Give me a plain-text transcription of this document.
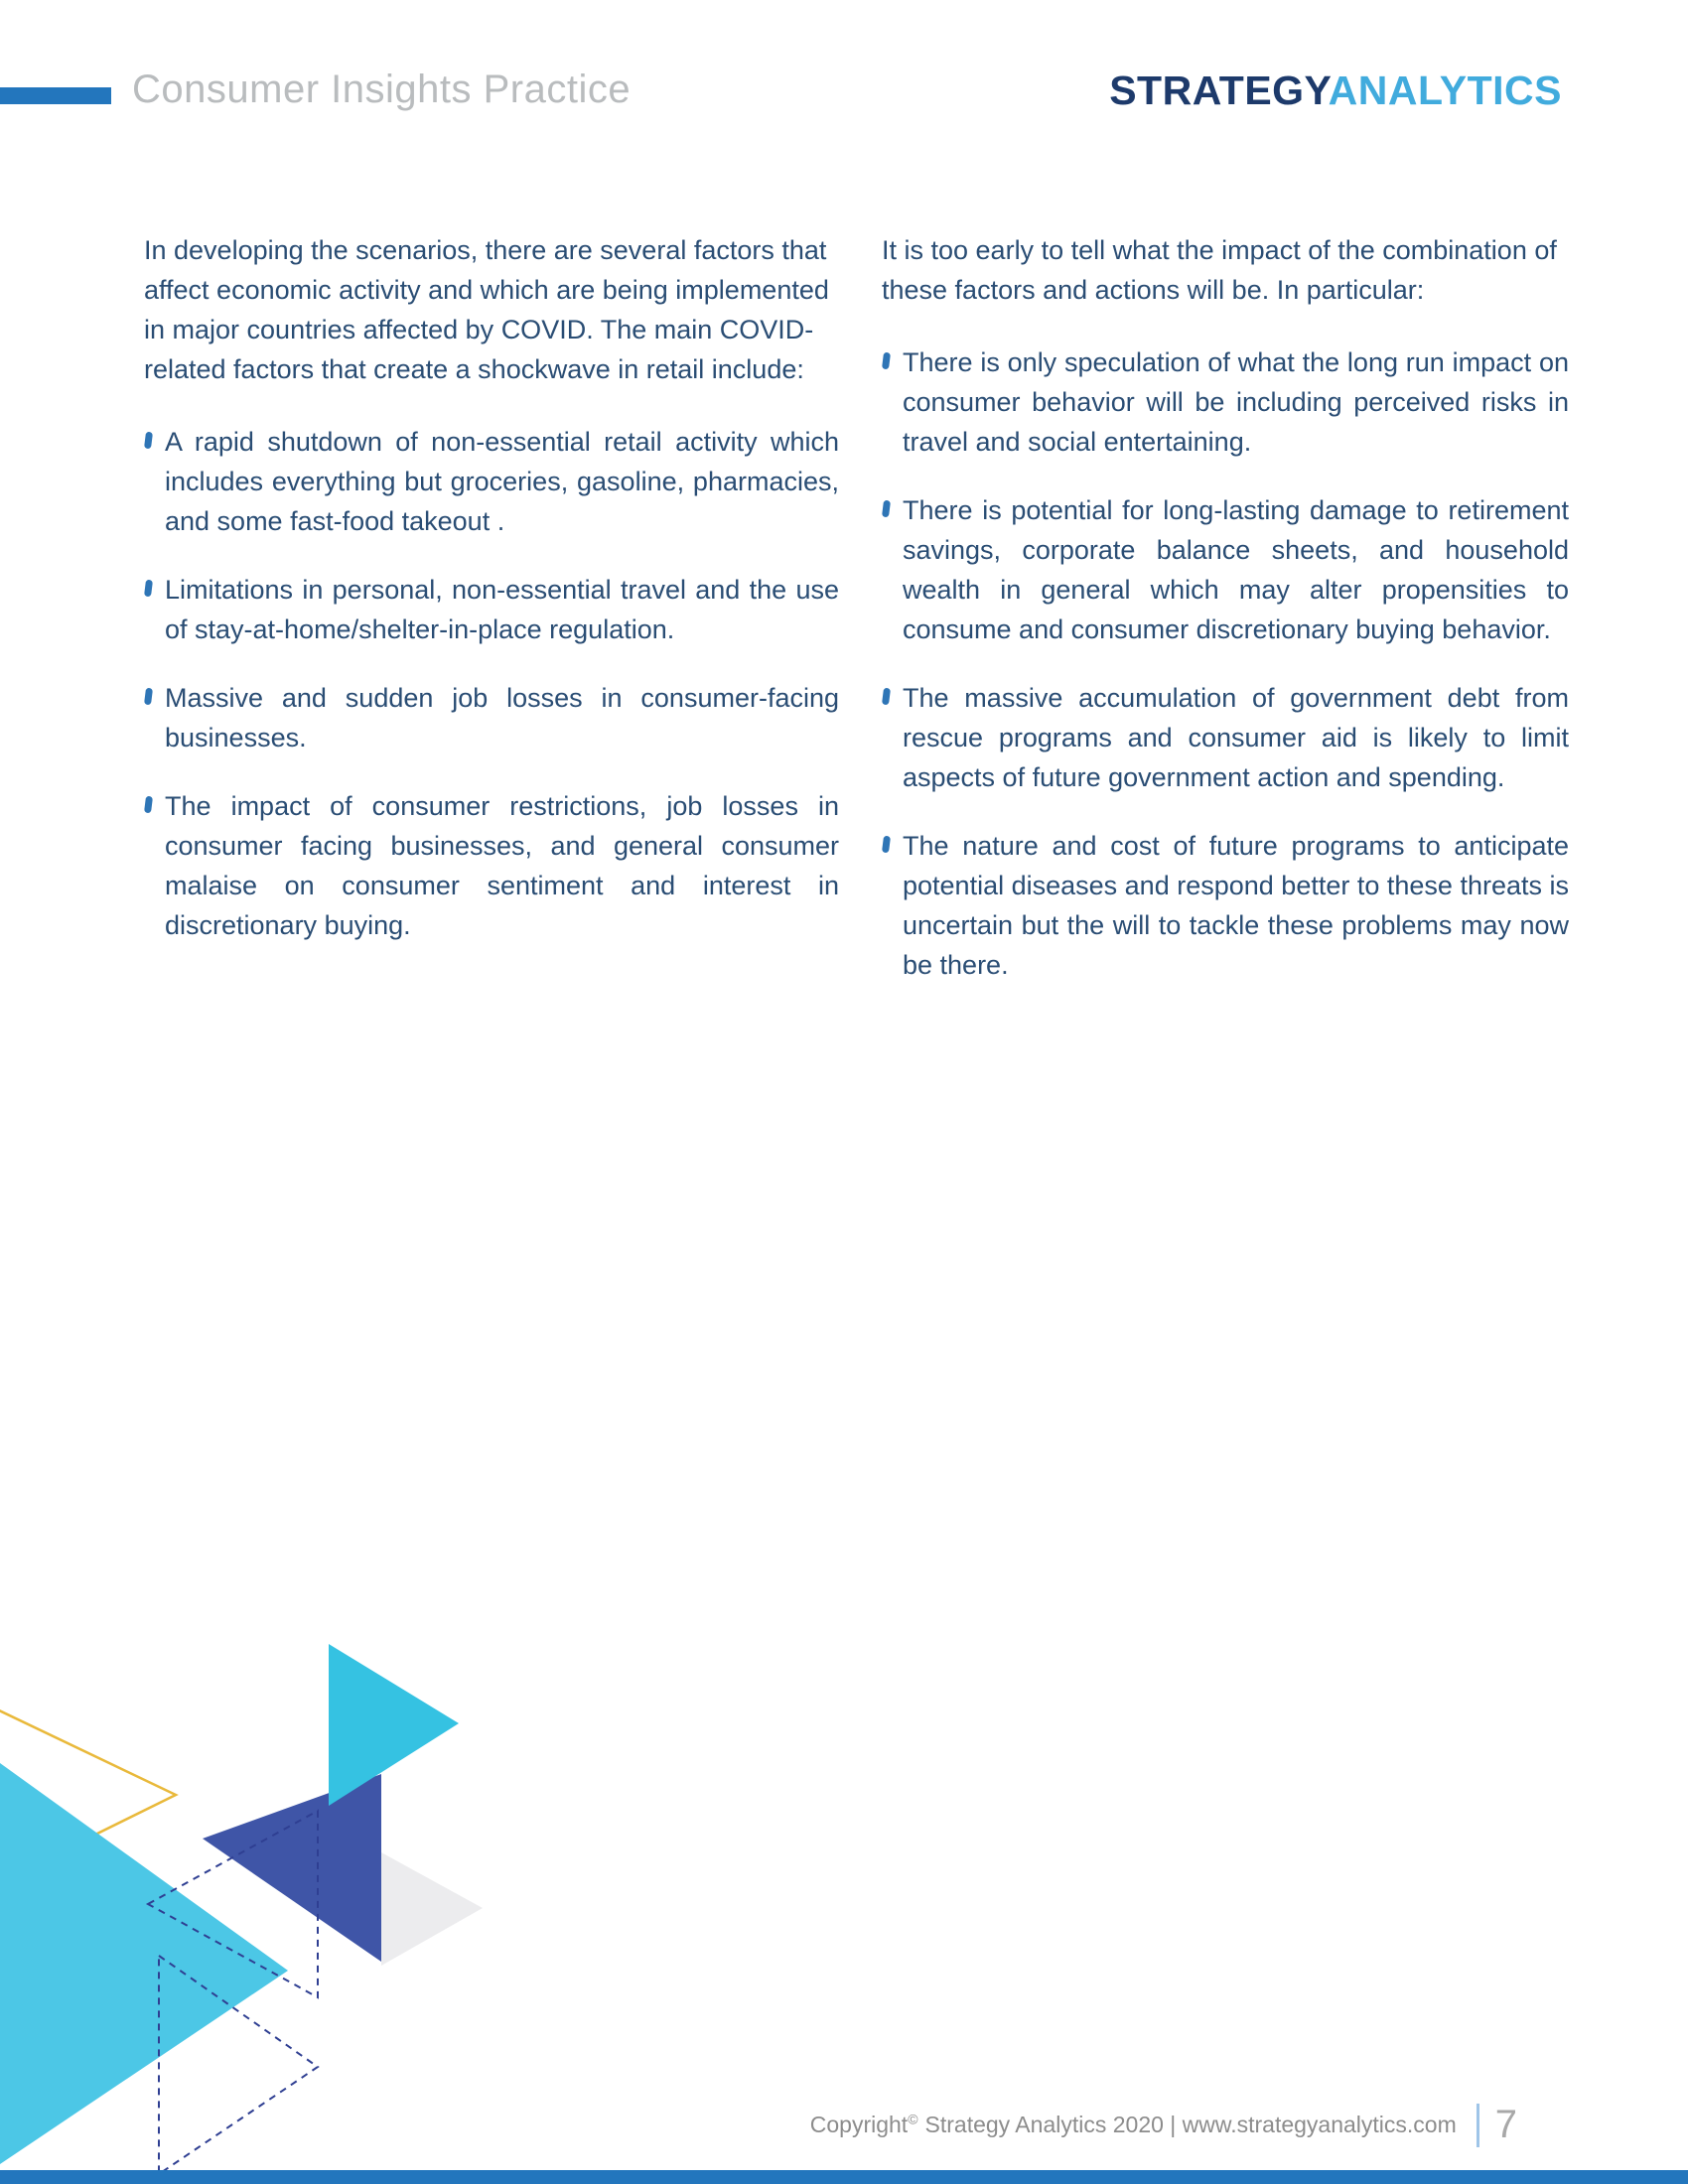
Consumer Insights Practice	STRATEGYANALYTICS

In developing the scenarios, there are several factors that affect economic activity and which are being implemented in major countries affected by COVID. The main COVID-related factors that create a shockwave in retail include:

A rapid shutdown of non-essential retail activity which includes everything but groceries, gasoline, pharmacies, and some fast-food takeout .

Limitations in personal, non-essential travel and the use of stay-at-home/shelter-in-place regulation.

Massive and sudden job losses in consumer-facing businesses.

The impact of consumer restrictions, job losses in consumer facing businesses, and general consumer malaise on consumer sentiment and interest in discretionary buying.

It is too early to tell what the impact of the combination of these factors and actions will be. In particular:

There is only speculation of what the long run impact on consumer behavior will be including perceived risks in travel and social entertaining.

There is potential for long-lasting damage to retirement savings, corporate balance sheets, and household wealth in general which may alter propensities to consume and consumer discretionary buying behavior.

The massive accumulation of government debt from rescue programs and consumer aid is likely to limit aspects of future government action and spending.

The nature and cost of future programs to anticipate potential diseases and respond better to these threats is uncertain but the will to tackle these problems may now be there.

Copyright© Strategy Analytics 2020 | www.strategyanalytics.com 7
